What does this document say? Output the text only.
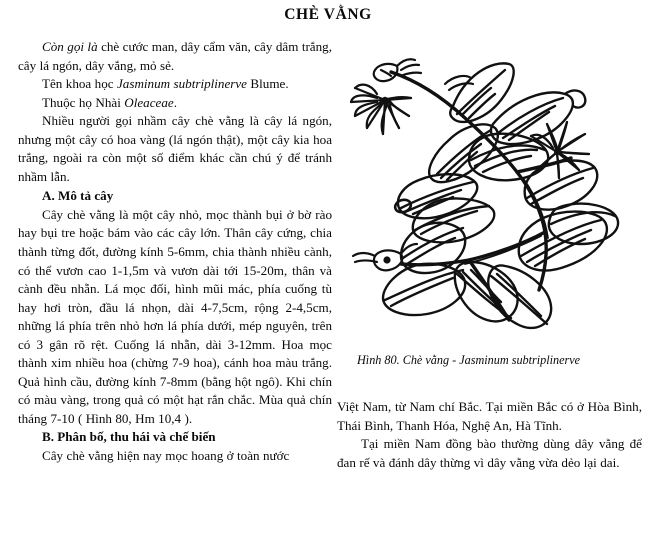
CHÈ VẰNG

Còn gọi là chè cước man, dây cẩm văn, cây dâm trắng, cây lá ngón, dây vắng, mỏ sẻ.

Tên khoa học Jasminum subtriplinerve Blume.

Thuộc họ Nhài Oleaceae.

Nhiều người gọi nhầm cây chè vằng là cây lá ngón, nhưng một cây có hoa vàng (lá ngón thật), một cây kia hoa trắng, ngoài ra còn một số điểm khác cần chú ý để tránh nhầm lẫn.

A. Mô tả cây

Cây chè vằng là một cây nhỏ, mọc thành bụi ở bờ rào hay bụi tre hoặc bám vào các cây lớn. Thân cây cứng, chia thành từng đốt, đường kính 5-6mm, chia thành nhiều cành, có thể vươn cao 1-1,5m và vươn dài tới 15-20m, thân và cành đều nhẵn. Lá mọc đối, hình mũi mác, phía cuống tù hay hơi tròn, đầu lá nhọn, dài 4-7,5cm, rộng 2-4,5cm, những lá phía trên nhỏ hơn lá phía dưới, mép nguyên, trên có 3 gân rõ rệt. Cuống lá nhẵn, dài 3-12mm. Hoa mọc thành xim nhiều hoa (chừng 7-9 hoa), cánh hoa màu trắng. Quả hình cầu, đường kính 7-8mm (bằng hột ngô). Khi chín có màu vàng, trong quả có một hạt rắn chắc. Mùa quả chín tháng 7-10 ( Hình 80, Hm 10,4 ).

B. Phân bố, thu hái và chế biến

Cây chè vằng hiện nay mọc hoang ở toàn nước

Hình 80. Chè vằng - Jasminum subtriplinerve

Việt Nam, từ Nam chí Bắc. Tại miền Bắc có ở Hòa Bình, Thái Bình, Thanh Hóa, Nghệ An, Hà Tĩnh.

Tại miền Nam đồng bào thường dùng dây vằng để đan rế và đánh dây thừng vì dây vằng vừa dẻo lại dai.
